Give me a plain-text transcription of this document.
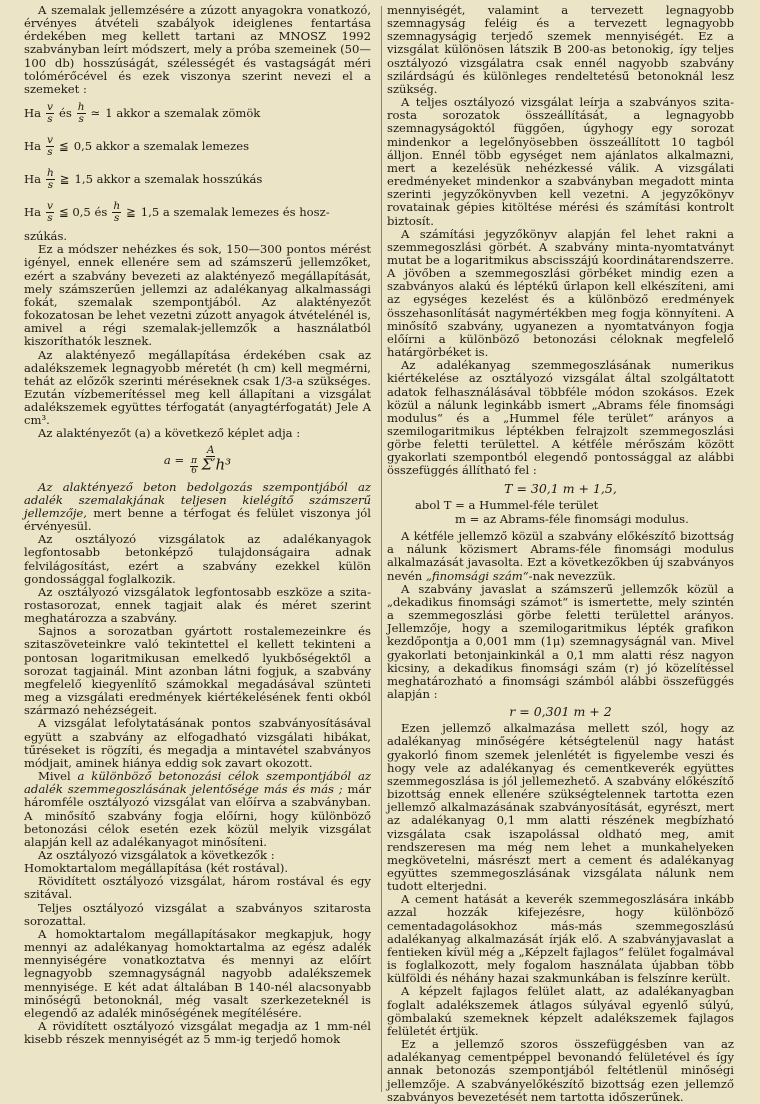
A szemalak jellemzésére a zúzott anyagokra vonatkozó, érvényes átvételi szabályok ideiglenes fentartása érdekében meg kellett tartani az MNOSZ 1992 szabványban leírt módszert, mely a próba szemeinek (50—100 db) hosszúságát, szélességét és vastagságát méri tolómérőcével és ezek viszonya szerint nevezi el a szemeket :

Ha $\frac{v}{s}$ és $\frac{h}{s}$ ≃ 1 akkor a szemalak zömök
Ha $\frac{v}{s}$ ≦ 0,5 akkor a szemalak lemezes
Ha $\frac{h}{s}$ ≧ 1,5 akkor a szemalak hosszúkás
Ha $\frac{v}{s}$ ≦ 0,5 és $\frac{h}{s}$ ≧ 1,5 a szemalak lemezes és hosz-

szúkás.

Ez a módszer nehézkes és sok, 150—300 pontos mérést igényel, ennek ellenére sem ad számszerű jellemzőket, ezért a szabvány bevezeti az alaktényező megállapítását, mely számszerűen jellemzi az adalékanyag alkalmassági fokát, szemalak szempontjából. Az alaktényezőt fokozatosan be lehet vezetni zúzott anyagok átvételénél is, amivel a régi szemalak-jellemzők a használatból kiszoríthatók lesznek.

Az alaktényező megállapítása érdekében csak az adalékszemek legnagyobb méretét (h cm) kell megmérni, tehát az előzők szerinti méréseknek csak 1/3-a szükséges. Ezután vízbemerítéssel meg kell állapítani a vizsgálat adalékszemek együttes térfogatát (anyagtérfogatát) Jele A cm³.

Az alaktényezőt (a) a következő képlet adja :

$a = \frac{A}{\frac{\pi}{6} \Sigma'h^3}$

Az alaktényező beton bedolgozás szempontjából az adalék szemalakjának teljesen kielégítő számszerű jellemzője, mert benne a térfogat és felület viszonya jól érvényesül.

Az osztályozó vizsgálatok az adalékanyagok legfontosabb betonképző tulajdonságaira adnak felvilágosítást, ezért a szabvány ezekkel külön gondossággal foglalkozik.

Az osztályozó vizsgálatok legfontosabb eszköze a szita-rostasorozat, ennek tagjait alak és méret szerint meghatározza a szabvány.

Sajnos a sorozatban gyártott rostalemezeinkre és szitaszöveteinkre való tekintettel el kellett tekinteni a pontosan logaritmikusan emelkedő lyukbőségektől a sorozat tagjainál. Mint azonban látni fogjuk, a szabvány megfelelő kiegyenlítő számokkal megadásával szünteti meg a vizsgálati eredmények kiértékelésének fenti okból származó nehézségeit.

A vizsgálat lefolytatásának pontos szabványosításával együtt a szabvány az elfogadható vizsgálati hibákat, tűréseket is rögzíti, és megadja a mintavétel szabványos módjait, aminek hiánya eddig sok zavart okozott.

Mivel a különböző betonozási célok szempontjából az adalék szemmegoszlásának jelentősége más és más ; már háromféle osztályozó vizsgálat van előírva a szabványban. A minősítő szabvány fogja előírni, hogy különböző betonozási célok esetén ezek közül melyik vizsgálat alapján kell az adalékanyagot minősíteni.

Az osztályozó vizsgálatok a következők :

Homoktartalom megállapítása (két rostával).

Rövidített osztályozó vizsgálat, három rostával és egy szitával.

Teljes osztályozó vizsgálat a szabványos szitarosta sorozattal.

A homoktartalom megállapításakor megkapjuk, hogy mennyi az adalékanyag homoktartalma az egész adalék mennyiségére vonatkoztatva és mennyi az előírt legnagyobb szemnagyságnál nagyobb adalékszemek mennyisége. E két adat általában B 140-nél alacsonyabb minőségű betonoknál, még vasalt szerkezeteknél is elegendő az adalék minőségének megítélésére.

A rövidített osztályozó vizsgálat megadja az 1 mm-nél kisebb részek mennyiségét az 5 mm-ig terjedő homok

mennyiségét, valamint a tervezett legnagyobb szemnagyság feléig és a tervezett legnagyobb szemnagyságig terjedő szemek mennyiségét. Ez a vizsgálat különösen látszik B 200-as betonokig, így teljes osztályozó vizsgálatra csak ennél nagyobb szabvány szilárdságú és különleges rendeltetésű betonoknál lesz szükség.

A teljes osztályozó vizsgálat leírja a szabványos szita-rosta sorozatok összeállítását, a legnagyobb szemnagyságoktól függően, úgyhogy egy sorozat mindenkor a legelőnyösebben összeállított 10 tagból álljon. Ennél több egységet nem ajánlatos alkalmazni, mert a kezelésük nehézkessé válik. A vizsgálati eredményeket mindenkor a szabványban megadott minta szerinti jegyzőkönyvben kell vezetni. A jegyzőkönyv rovatainak gépies kitöltése mérési és számítási kontrolt biztosít.

A számítási jegyzőkönyv alapján fel lehet rakni a szemmegoszlási görbét. A szabvány minta-nyomtatványt mutat be a logaritmikus abscisszájú koordinátarendszerre. A jövőben a szemmegoszlási görbéket mindig ezen a szabványos alakú és léptékű űrlapon kell elkészíteni, ami az egységes kezelést és a különböző eredmények összehasonlítását nagymértékben meg fogja könnyíteni. A minősítő szabvány, ugyanezen a nyomtatványon fogja előírni a különböző betonozási céloknak megfelelő határgörbéket is.

Az adalékanyag szemmegoszlásának numerikus kiértékelése az osztályozó vizsgálat által szolgáltatott adatok felhasználásával többféle módon szokásos. Ezek közül a nálunk leginkább ismert „Abrams féle finomsági modulus“ és a „Hummel féle terület“ arányos a szemilogaritmikus léptékben felrajzolt szemmegoszlási görbe feletti területtel. A kétféle mérőszám között gyakorlati szempontból elegendő pontossággal az alábbi összefüggés állítható fel :

T = 30,1 m + 1,5,
abol T = a Hummel-féle terület
m = az Abrams-féle finomsági modulus.

A kétféle jellemző közül a szabvány előkészítő bizottság a nálunk közismert Abrams-féle finomsági modulus alkalmazását javasolta. Ezt a következőkben új szabványos nevén „finomsági szám“-nak nevezzük.

A szabvány javaslat a számszerű jellemzők közül a „dekadikus finomsági számot“ is ismertette, mely szintén a szemmegoszlási görbe feletti területtel arányos. Jellemzője, hogy a szemilogaritmikus lépték grafikon kezdőpontja a 0,001 mm (1μ) szemnagyságnál van. Mivel gyakorlati betonjainkinkál a 0,1 mm alatti rész nagyon kicsiny, a dekadikus finomsági szám (r) jó közelítéssel meghatározható a finomsági számból alábbi összefüggés alapján :

r = 0,301 m + 2

Ezen jellemző alkalmazása mellett szól, hogy az adalékanyag minőségére kétségtelenül nagy hatást gyakorló finom szemek jelenlétét is figyelembe veszi és hogy vele az adalékanyag és cementkeverék együttes szemmegoszlása is jól jellemezhető. A szabvány előkészítő bizottság ennek ellenére szükségtelennek tartotta ezen jellemző alkalmazásának szabványosítását, egyrészt, mert az adalékanyag 0,1 mm alatti részének megbízható vizsgálata csak iszapolással oldható meg, amit rendszeresen ma még nem lehet a munkahelyeken megkövetelni, másrészt mert a cement és adalékanyag együttes szemmegoszlásának vizsgálata nálunk nem tudott elterjedni.

A cement hatását a keverék szemmegoszlására inkább azzal hozzák kifejezésre, hogy különböző cementadagolásokhoz más-más szemmegoszlású adalékanyag alkalmazását írják elő. A szabványjavaslat a fentieken kívül még a „Képzelt fajlagos“ felület fogalmával is foglalkozott, mely fogalom használata újabban több külföldi és néhány hazai szakmunkában is felszínre került.

A képzelt fajlagos felület alatt, az adalékanyagban foglalt adalékszemek átlagos súlyával egyenlő súlyú, gömbalakú szemeknek képzelt adalékszemek fajlagos felületét értjük.

Ez a jellemző szoros összefüggésben van az adalékanyag cementpéppel bevonandó felületével és így annak betonozás szempontjából feltétlenül minőségi jellemzője. A szabványelőkészítő bizottság ezen jellemző szabványos bevezetését nem tartotta időszerűnek.
